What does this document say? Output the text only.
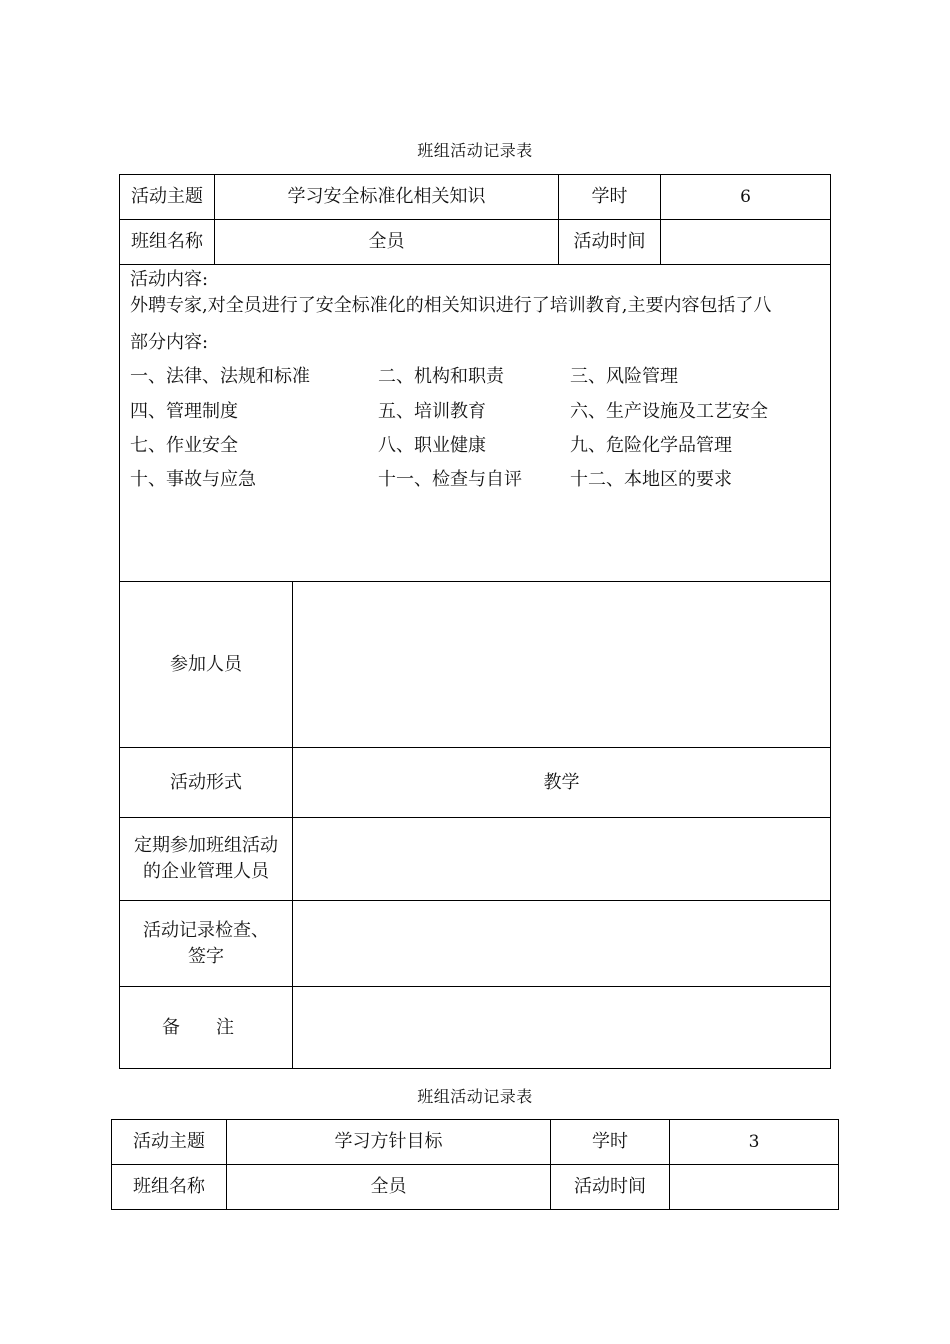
班组活动记录表
活动主题	学习安全标准化相关知识	学时	6
班组名称	全员	活动时间
活动内容:
外聘专家,对全员进行了安全标准化的相关知识进行了培训教育,主要内容包括了八
部分内容:
一、法律、法规和标准	二、机构和职责	三、风险管理
四、管理制度	五、培训教育	六、生产设施及工艺安全
七、作业安全	八、职业健康	九、危险化学品管理
十、事故与应急	十一、检查与自评	十二、本地区的要求
参加人员
活动形式	教学
定期参加班组活动
的企业管理人员
活动记录检查、
签字
备　　注
班组活动记录表
活动主题	学习方针目标	学时	3
班组名称	全员	活动时间
